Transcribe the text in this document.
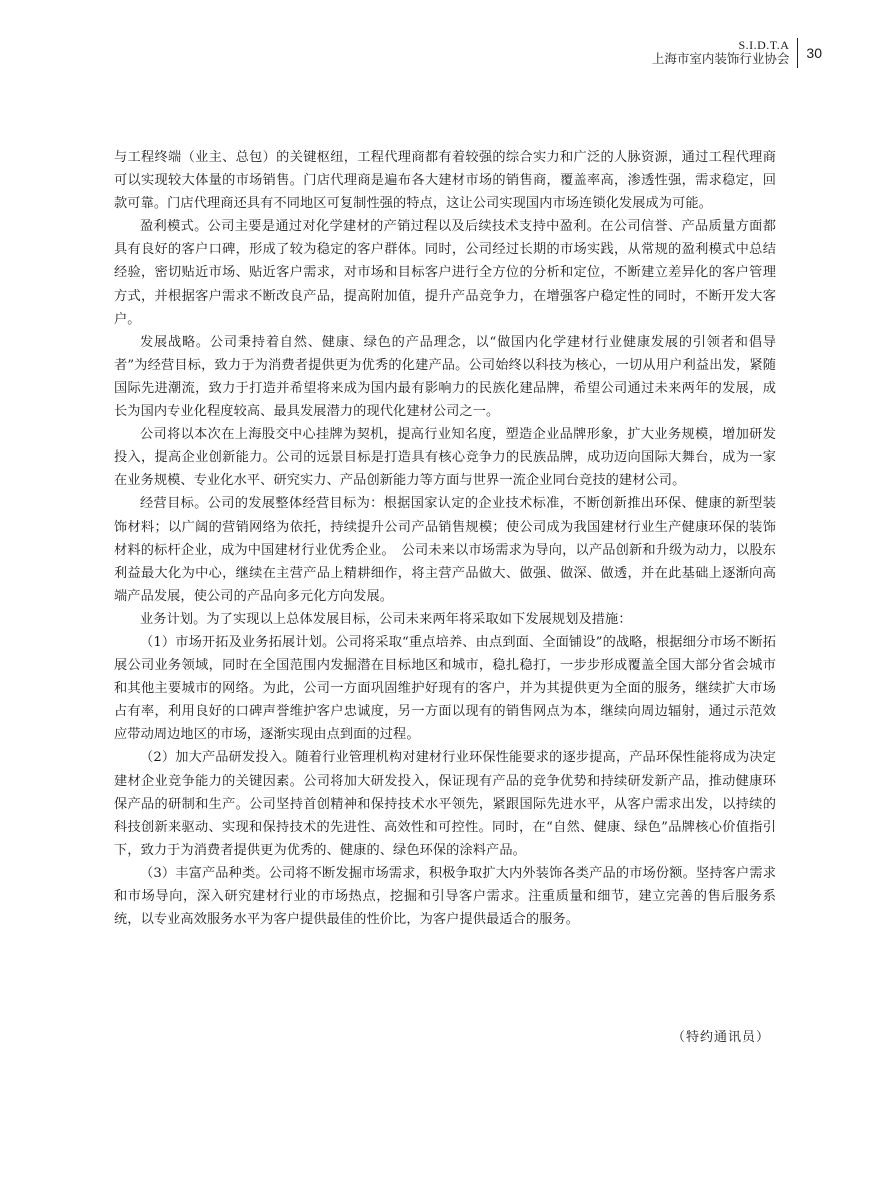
S.I.D.T.A
上海市室内装饰行业协会 30

与工程终端（业主、总包）的关键枢纽，工程代理商都有着较强的综合实力和广泛的人脉资源，通过工程代理商可以实现较大体量的市场销售。门店代理商是遍布各大建材市场的销售商，覆盖率高，渗透性强，需求稳定，回款可靠。门店代理商还具有不同地区可复制性强的特点，这让公司实现国内市场连锁化发展成为可能。

盈利模式。公司主要是通过对化学建材的产销过程以及后续技术支持中盈利。在公司信誉、产品质量方面都具有良好的客户口碑，形成了较为稳定的客户群体。同时，公司经过长期的市场实践，从常规的盈利模式中总结经验，密切贴近市场、贴近客户需求，对市场和目标客户进行全方位的分析和定位，不断建立差异化的客户管理方式，并根据客户需求不断改良产品，提高附加值，提升产品竞争力，在增强客户稳定性的同时，不断开发大客户。

发展战略。公司秉持着自然、健康、绿色的产品理念，以“做国内化学建材行业健康发展的引领者和倡导者”为经营目标，致力于为消费者提供更为优秀的化建产品。公司始终以科技为核心，一切从用户利益出发，紧随国际先进潮流，致力于打造并希望将来成为国内最有影响力的民族化建品牌，希望公司通过未来两年的发展，成长为国内专业化程度较高、最具发展潜力的现代化建材公司之一。

公司将以本次在上海股交中心挂牌为契机，提高行业知名度，塑造企业品牌形象，扩大业务规模，增加研发投入，提高企业创新能力。公司的远景目标是打造具有核心竞争力的民族品牌，成功迈向国际大舞台，成为一家在业务规模、专业化水平、研究实力、产品创新能力等方面与世界一流企业同台竞技的建材公司。

经营目标。公司的发展整体经营目标为：根据国家认定的企业技术标准，不断创新推出环保、健康的新型装饰材料；以广阔的营销网络为依托，持续提升公司产品销售规模；使公司成为我国建材行业生产健康环保的装饰材料的标杆企业，成为中国建材行业优秀企业。　公司未来以市场需求为导向，以产品创新和升级为动力，以股东利益最大化为中心，继续在主营产品上精耕细作，将主营产品做大、做强、做深、做透，并在此基础上逐渐向高端产品发展，使公司的产品向多元化方向发展。

业务计划。为了实现以上总体发展目标，公司未来两年将采取如下发展规划及措施：

（1）市场开拓及业务拓展计划。公司将采取“重点培养、由点到面、全面铺设”的战略，根据细分市场不断拓展公司业务领域，同时在全国范围内发掘潜在目标地区和城市，稳扎稳打，一步步形成覆盖全国大部分省会城市和其他主要城市的网络。为此，公司一方面巩固维护好现有的客户，并为其提供更为全面的服务，继续扩大市场占有率，利用良好的口碑声誉维护客户忠诚度，另一方面以现有的销售网点为本，继续向周边辐射，通过示范效应带动周边地区的市场，逐渐实现由点到面的过程。

（2）加大产品研发投入。随着行业管理机构对建材行业环保性能要求的逐步提高，产品环保性能将成为决定建材企业竞争能力的关键因素。公司将加大研发投入，保证现有产品的竞争优势和持续研发新产品，推动健康环保产品的研制和生产。公司坚持首创精神和保持技术水平领先，紧跟国际先进水平，从客户需求出发，以持续的科技创新来驱动、实现和保持技术的先进性、高效性和可控性。同时，在“自然、健康、绿色”品牌核心价值指引下，致力于为消费者提供更为优秀的、健康的、绿色环保的涂料产品。

（3）丰富产品种类。公司将不断发掘市场需求，积极争取扩大内外装饰各类产品的市场份额。坚持客户需求和市场导向，深入研究建材行业的市场热点，挖掘和引导客户需求。注重质量和细节，建立完善的售后服务系统，以专业高效服务水平为客户提供最佳的性价比，为客户提供最适合的服务。

（特约通讯员）
